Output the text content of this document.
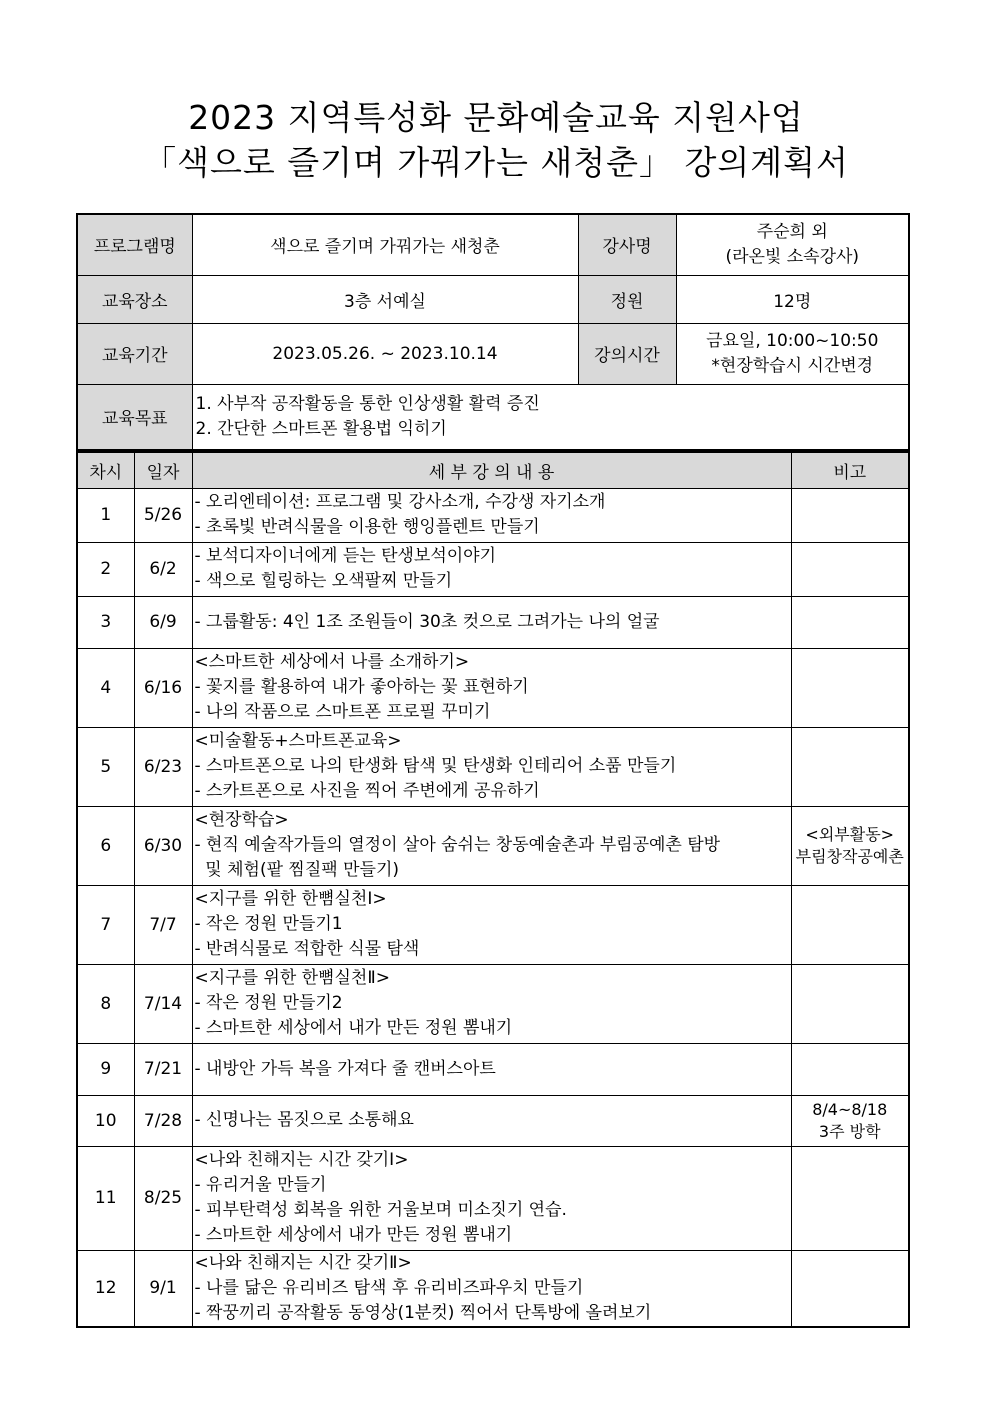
2023 지역특성화 문화예술교육 지원사업
「색으로 즐기며 가꿔가는 새청춘」 강의계획서
프로그램명	색으로 즐기며 가꿔가는 새청춘	강사명	주순희 외
(라온빛 소속강사)

교육장소	3층 서예실	정원	12명
교육기간	2023.05.26. ~ 2023.10.14	강의시간	금요일, 10:00~10:50
*현장학습시 시간변경

교육목표	1. 사부작 공작활동을 통한 인상생활 활력 증진
2. 간단한 스마트폰 활용법 익히기		
차시	일자	세 부 강 의 내 용	비고
1	5/26	- 오리엔테이션: 프로그램 및 강사소개, 수강생 자기소개
- 초록빛 반려식물을 이용한 행잉플렌트 만들기	

2	6/2	- 보석디자이너에게 듣는 탄생보석이야기
- 색으로 힐링하는 오색팔찌 만들기	

3	6/9	- 그룹활동: 4인 1조 조원들이 30초 컷으로 그려가는 나의 얼굴	

4	6/16	<스마트한 세상에서 나를 소개하기>
- 꽃지를 활용하여 내가 좋아하는 꽃 표현하기
- 나의 작품으로 스마트폰 프로필 꾸미기	

5	6/23	<미술활동+스마트폰교육>
- 스마트폰으로 나의 탄생화 탐색 및 탄생화 인테리어 소품 만들기
- 스카트폰으로 사진을 찍어 주변에게 공유하기	

6	6/30	<현장학습>
- 현직 예술작가들의 열정이 살아 숨쉬는 창동예술촌과 부림공예촌 탐방
및 체험(팥 찜질팩 만들기)	<외부활동>
부림창작공예촌

7	7/7	<지구를 위한 한뼘실천Ⅰ>
- 작은 정원 만들기1
- 반려식물로 적합한 식물 탐색	

8	7/14	<지구를 위한 한뼘실천Ⅱ>
- 작은 정원 만들기2
- 스마트한 세상에서 내가 만든 정원 뽐내기	

9	7/21	- 내방안 가득 복을 가져다 줄 캔버스아트	

10	7/28	- 신명나는 몸짓으로 소통해요	8/4~8/18
3주 방학

11	8/25	<나와 친해지는 시간 갖기Ⅰ>
- 유리거울 만들기
- 피부탄력성 회복을 위한 거울보며 미소짓기 연습.
- 스마트한 세상에서 내가 만든 정원 뽐내기	

12	9/1	<나와 친해지는 시간 갖기Ⅱ>
- 나를 닮은 유리비즈 탐색 후 유리비즈파우치 만들기
- 짝꿍끼리 공작활동 동영상(1분컷) 찍어서 단톡방에 올려보기	
